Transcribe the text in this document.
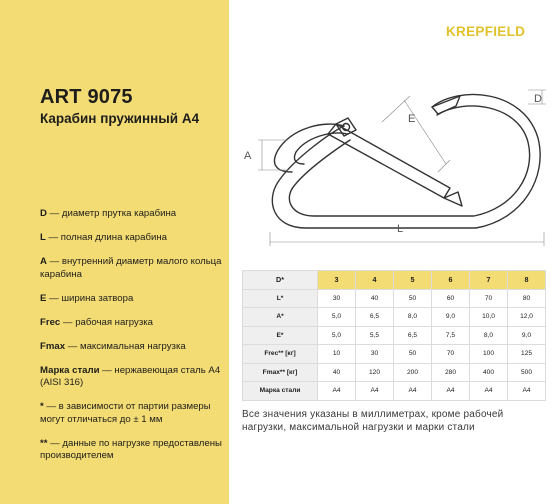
ART 9075
Карабин пружинный А4
D — диаметр прутка карабина
L — полная длина карабина
A — внутренний диаметр малого кольца карабина
E — ширина затвора
Frec — рабочая нагрузка
Fmax — максимальная нагрузка
Марка стали — нержавеющая сталь А4 (AISI 316)
* — в зависимости от партии размеры могут отличаться до ± 1 мм
** — данные по нагрузке предоставлены производителем
KREPFIELD
D
E
A
L
D*	3	4	5	6	7	8
L*	30	40	50	60	70	80
A*	5,0	6,5	8,0	9,0	10,0	12,0
E*	5,0	5,5	6,5	7,5	8,0	9,0
Frec** [кг]	10	30	50	70	100	125
Fmax** [кг]	40	120	200	280	400	500
Марка стали	А4	А4	А4	А4	А4	А4
Все значения указаны в миллиметрах, кроме рабочей нагрузки, максимальной нагрузки и марки стали
